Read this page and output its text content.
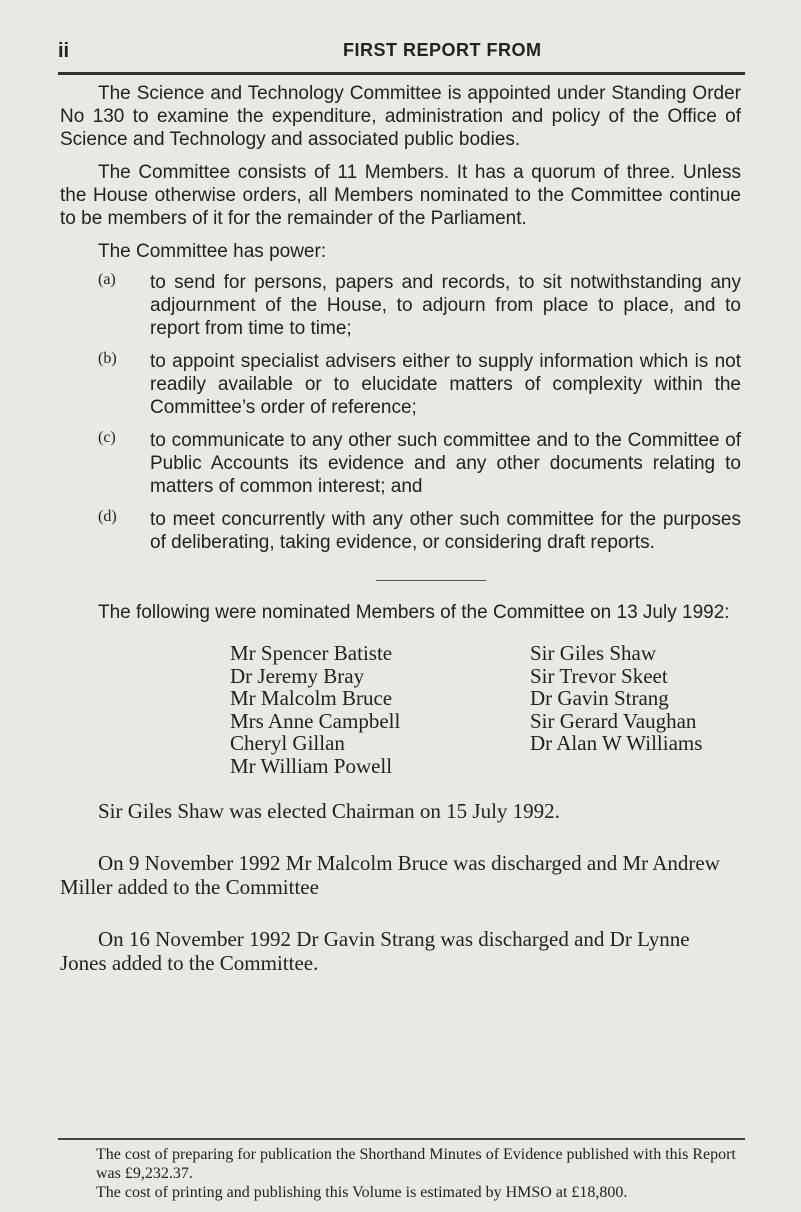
ii	FIRST REPORT FROM

The Science and Technology Committee is appointed under Standing Order No 130 to examine the expenditure, administration and policy of the Office of Science and Technology and associated public bodies.

The Committee consists of 11 Members. It has a quorum of three. Unless the House otherwise orders, all Members nominated to the Committee continue to be members of it for the remainder of the Parliament.

The Committee has power:

(a) to send for persons, papers and records, to sit notwithstanding any adjournment of the House, to adjourn from place to place, and to report from time to time;

(b) to appoint specialist advisers either to supply information which is not readily available or to elucidate matters of complexity within the Committee’s order of reference;

(c) to communicate to any other such committee and to the Committee of Public Accounts its evidence and any other documents relating to matters of common interest; and

(d) to meet concurrently with any other such committee for the purposes of deliberating, taking evidence, or considering draft reports.

The following were nominated Members of the Committee on 13 July 1992:

Mr Spencer Batiste	Sir Giles Shaw
Dr Jeremy Bray	Sir Trevor Skeet
Mr Malcolm Bruce	Dr Gavin Strang
Mrs Anne Campbell	Sir Gerard Vaughan
Cheryl Gillan	Dr Alan W Williams
Mr William Powell

Sir Giles Shaw was elected Chairman on 15 July 1992.

On 9 November 1992 Mr Malcolm Bruce was discharged and Mr Andrew Miller added to the Committee

On 16 November 1992 Dr Gavin Strang was discharged and Dr Lynne Jones added to the Committee.

The cost of preparing for publication the Shorthand Minutes of Evidence published with this Report was £9,232.37.
The cost of printing and publishing this Volume is estimated by HMSO at £18,800.
